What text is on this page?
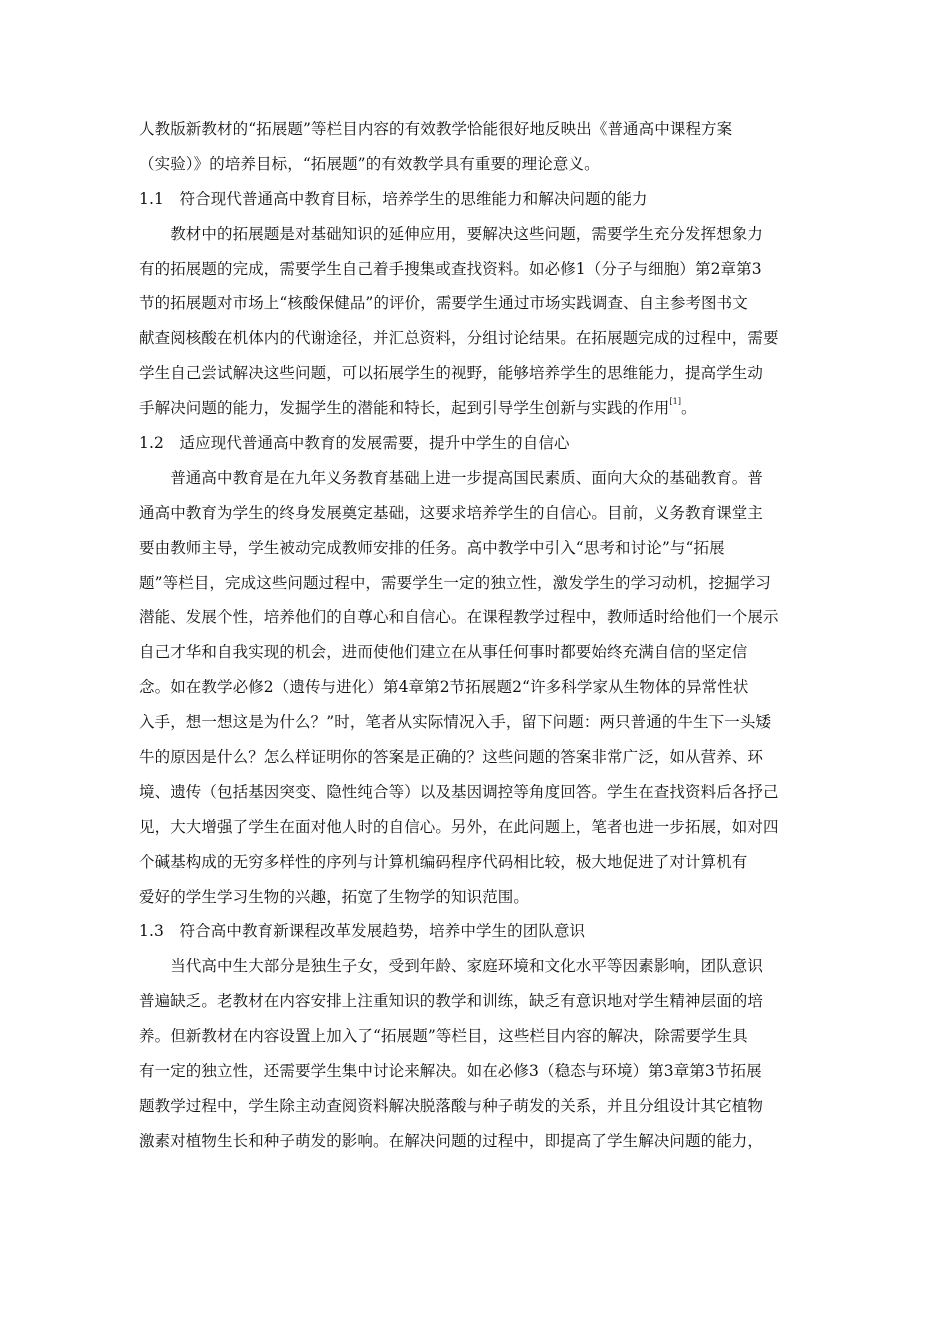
人教版新教材的“拓展题”等栏目内容的有效教学恰能很好地反映出《普通高中课程方案
（实验）》的培养目标，“拓展题”的有效教学具有重要的理论意义。
1.1　符合现代普通高中教育目标，培养学生的思维能力和解决问题的能力
　　教材中的拓展题是对基础知识的延伸应用，要解决这些问题，需要学生充分发挥想象力
有的拓展题的完成，需要学生自己着手搜集或查找资料。如必修1（分子与细胞）第2章第3
节的拓展题对市场上“核酸保健品”的评价，需要学生通过市场实践调查、自主参考图书文
献查阅核酸在机体内的代谢途径，并汇总资料，分组讨论结果。在拓展题完成的过程中，需要
学生自己尝试解决这些问题，可以拓展学生的视野，能够培养学生的思维能力，提高学生动
手解决问题的能力，发掘学生的潜能和特长，起到引导学生创新与实践的作用[1]。
1.2　适应现代普通高中教育的发展需要，提升中学生的自信心
　　普通高中教育是在九年义务教育基础上进一步提高国民素质、面向大众的基础教育。普
通高中教育为学生的终身发展奠定基础，这要求培养学生的自信心。目前，义务教育课堂主
要由教师主导，学生被动完成教师安排的任务。高中教学中引入“思考和讨论”与“拓展
题”等栏目，完成这些问题过程中，需要学生一定的独立性，激发学生的学习动机，挖掘学习
潜能、发展个性，培养他们的自尊心和自信心。在课程教学过程中，教师适时给他们一个展示
自己才华和自我实现的机会，进而使他们建立在从事任何事时都要始终充满自信的坚定信
念。如在教学必修2（遗传与进化）第4章第2节拓展题2“许多科学家从生物体的异常性状
入手，想一想这是为什么？”时，笔者从实际情况入手，留下问题：两只普通的牛生下一头矮
牛的原因是什么？怎么样证明你的答案是正确的？这些问题的答案非常广泛，如从营养、环
境、遗传（包括基因突变、隐性纯合等）以及基因调控等角度回答。学生在查找资料后各抒己
见，大大增强了学生在面对他人时的自信心。另外，在此问题上，笔者也进一步拓展，如对四
个碱基构成的无穷多样性的序列与计算机编码程序代码相比较，极大地促进了对计算机有
爱好的学生学习生物的兴趣，拓宽了生物学的知识范围。
1.3　符合高中教育新课程改革发展趋势，培养中学生的团队意识
　　当代高中生大部分是独生子女，受到年龄、家庭环境和文化水平等因素影响，团队意识
普遍缺乏。老教材在内容安排上注重知识的教学和训练，缺乏有意识地对学生精神层面的培
养。但新教材在内容设置上加入了“拓展题”等栏目，这些栏目内容的解决，除需要学生具
有一定的独立性，还需要学生集中讨论来解决。如在必修3（稳态与环境）第3章第3节拓展
题教学过程中，学生除主动查阅资料解决脱落酸与种子萌发的关系，并且分组设计其它植物
激素对植物生长和种子萌发的影响。在解决问题的过程中，即提高了学生解决问题的能力，
